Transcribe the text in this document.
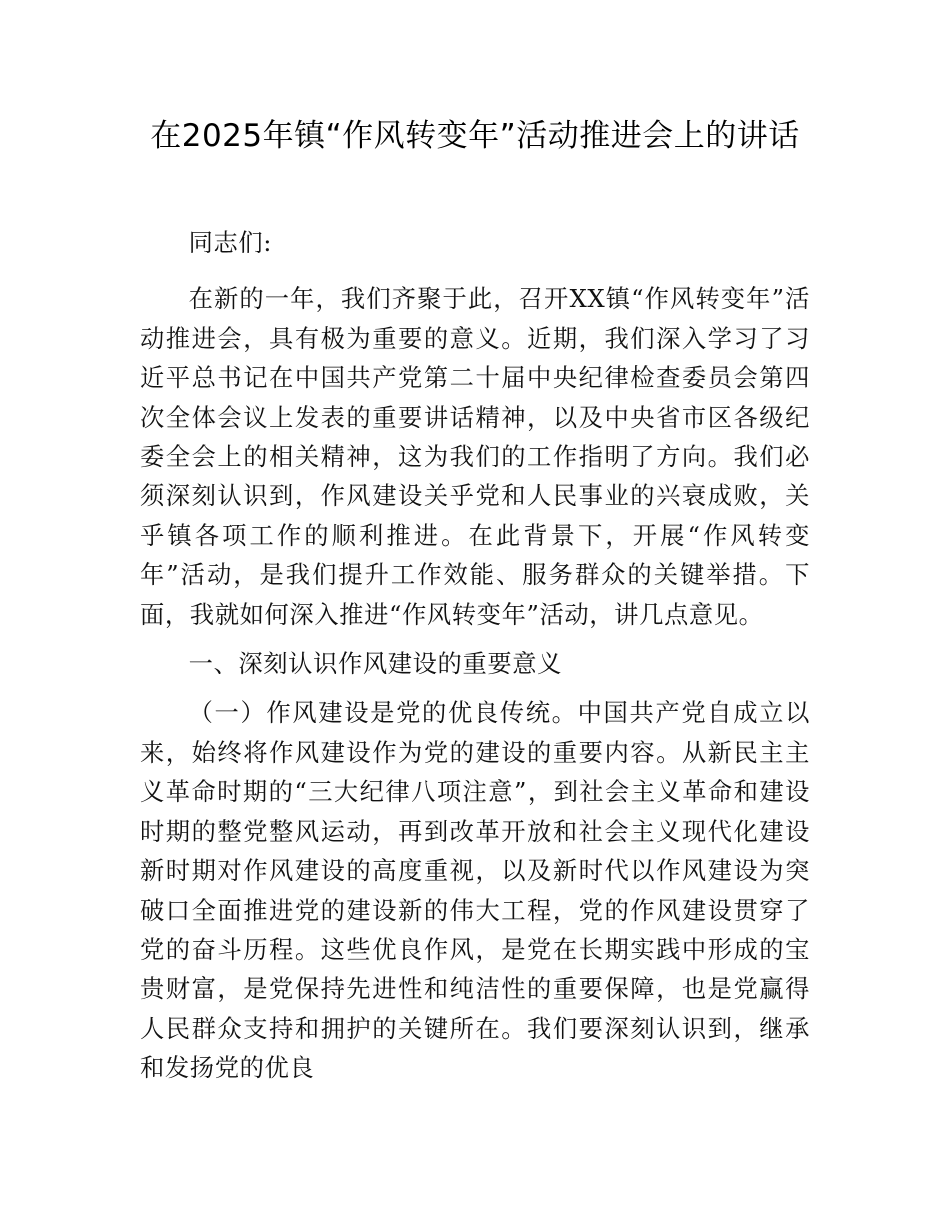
在2025年镇“作风转变年”活动推进会上的讲话

同志们:

在新的一年，我们齐聚于此，召开XX镇“作风转变年”活动推进会，具有极为重要的意义。近期，我们深入学习了习近平总书记在中国共产党第二十届中央纪律检查委员会第四次全体会议上发表的重要讲话精神，以及中央省市区各级纪委全会上的相关精神，这为我们的工作指明了方向。我们必须深刻认识到，作风建设关乎党和人民事业的兴衰成败，关乎镇各项工作的顺利推进。在此背景下，开展“作风转变年”活动，是我们提升工作效能、服务群众的关键举措。下面，我就如何深入推进“作风转变年”活动，讲几点意见。

一、深刻认识作风建设的重要意义

（一）作风建设是党的优良传统。中国共产党自成立以来，始终将作风建设作为党的建设的重要内容。从新民主主义革命时期的“三大纪律八项注意”，到社会主义革命和建设时期的整党整风运动，再到改革开放和社会主义现代化建设新时期对作风建设的高度重视，以及新时代以作风建设为突破口全面推进党的建设新的伟大工程，党的作风建设贯穿了党的奋斗历程。这些优良作风，是党在长期实践中形成的宝贵财富，是党保持先进性和纯洁性的重要保障，也是党赢得人民群众支持和拥护的关键所在。我们要深刻认识到，继承和发扬党的优良
